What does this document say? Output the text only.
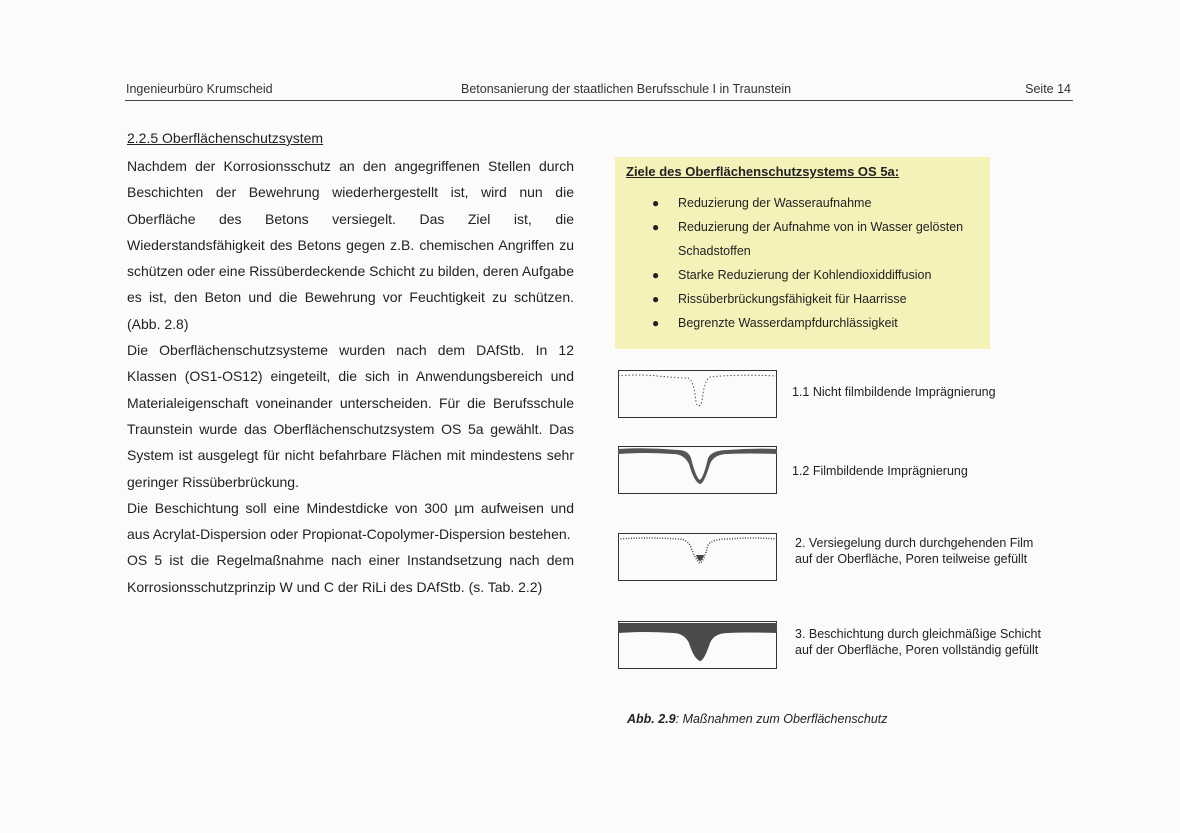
Ingenieurbüro Krumscheid	Betonsanierung der staatlichen Berufsschule I in Traunstein	Seite 14
2.2.5 Oberflächenschutzsystem

Nachdem der Korrosionsschutz an den angegriffenen Stellen durch Beschichten der Bewehrung wiederhergestellt ist, wird nun die Oberfläche des Betons versiegelt. Das Ziel ist, die Wiederstandsfähigkeit des Betons gegen z.B. chemischen Angriffen zu schützen oder eine Rissüberdeckende Schicht zu bilden, deren Aufgabe es ist, den Beton und die Bewehrung vor Feuchtigkeit zu schützen. (Abb. 2.8)

Die Oberflächenschutzsysteme wurden nach dem DAfStb. In 12 Klassen (OS1-OS12) eingeteilt, die sich in Anwendungsbereich und Materialeigenschaft voneinander unterscheiden. Für die Berufsschule Traunstein wurde das Oberflächenschutzsystem OS 5a gewählt. Das System ist ausgelegt für nicht befahrbare Flächen mit mindestens sehr geringer Rissüberbrückung.

Die Beschichtung soll eine Mindestdicke von 300 µm aufweisen und aus Acrylat-Dispersion oder Propionat-Copolymer-Dispersion bestehen.

OS 5 ist die Regelmaßnahme nach einer Instandsetzung nach dem Korrosionsschutzprinzip W und C der RiLi des DAfStb. (s. Tab. 2.2)

Ziele des Oberflächenschutzsystems OS 5a:
●
Reduzierung der Wasseraufnahme
●
Reduzierung der Aufnahme von in Wasser gelösten Schadstoffen
●
Starke Reduzierung der Kohlendioxiddiffusion
●
Rissüberbrückungsfähigkeit für Haarrisse
●
Begrenzte Wasserdampfdurchlässigkeit
1.1 Nicht filmbildende Imprägnierung
1.2 Filmbildende Imprägnierung
2. Versiegelung durch durchgehenden Film auf der Oberfläche, Poren teilweise gefüllt
3. Beschichtung durch gleichmäßige Schicht auf der Oberfläche, Poren vollständig gefüllt
Abb. 2.9: Maßnahmen zum Oberflächenschutz
